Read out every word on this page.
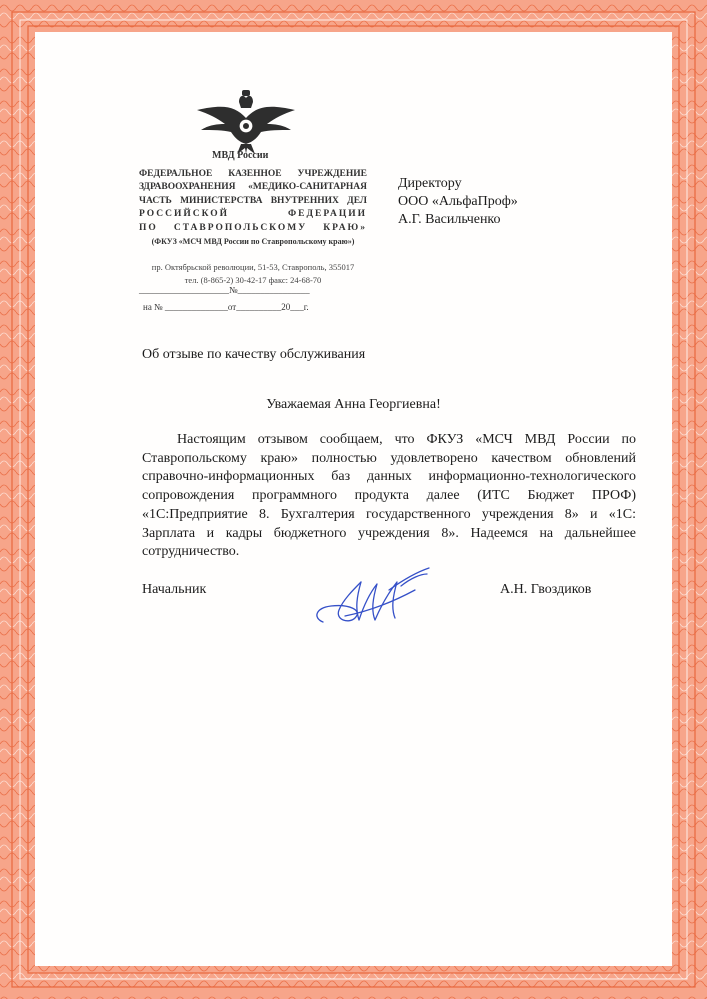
МВД России
ФЕДЕРАЛЬНОЕ КАЗЕННОЕ УЧРЕЖДЕНИЕ
ЗДРАВООХРАНЕНИЯ «МЕДИКО-САНИТАРНАЯ
ЧАСТЬ МИНИСТЕРСТВА ВНУТРЕННИХ ДЕЛ
РОССИЙСКОЙ ФЕДЕРАЦИИ
ПО СТАВРОПОЛЬСКОМУ КРАЮ»
(ФКУЗ «МСЧ МВД России по Ставропольскому краю»)
пр. Октябрьской революции, 51-53, Ставрополь, 355017
тел. (8-865-2) 30-42-17 факс: 24-68-70
____________________№________________
на № ______________от__________20___г.
Директору
ООО «АльфаПроф»
А.Г. Васильченко
Об отзыве по качеству обслуживания
Уважаемая Анна Георгиевна!

Настоящим отзывом сообщаем, что ФКУЗ «МСЧ МВД России по Ставропольскому краю» полностью удовлетворено качеством обновлений справочно-информационных баз данных информационно-технологического сопровождения программного продукта далее (ИТС Бюджет ПРОФ) «1С:Предприятие 8. Бухгалтерия государственного учреждения 8» и «1С: Зарплата и кадры бюджетного учреждения 8». Надеемся на дальнейшее сотрудничество.

Начальник	А.Н. Гвоздиков
